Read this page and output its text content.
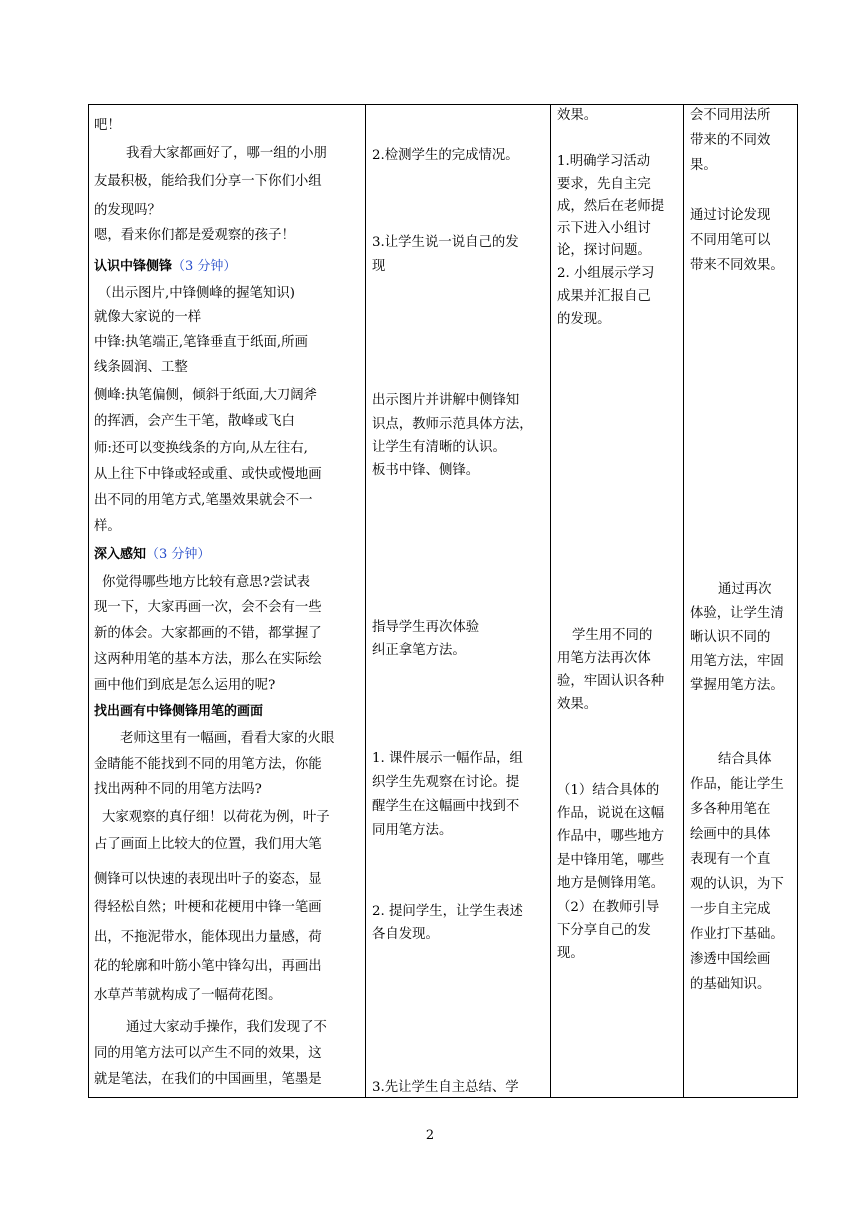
吧！
我看大家都画好了，哪一组的小朋
友最积极，能给我们分享一下你们小组
的发现吗？
嗯，看来你们都是爱观察的孩子！
认识中锋侧锋（3 分钟）
（出示图片,中锋侧峰的握笔知识)
就像大家说的一样
中锋:执笔端正,笔锋垂直于纸面,所画
线条圆润、工整
侧峰:执笔偏侧，倾斜于纸面,大刀阔斧
的挥洒，会产生干笔，散峰或飞白
师:还可以变换线条的方向,从左往右,
从上往下中锋或轻或重、或快或慢地画
出不同的用笔方式,笔墨效果就会不一
样。
深入感知（3 分钟）
你觉得哪些地方比较有意思?尝试表
现一下，大家再画一次，会不会有一些
新的体会。大家都画的不错，都掌握了
这两种用笔的基本方法，那么在实际绘
画中他们到底是怎么运用的呢?
找出画有中锋侧锋用笔的画面
老师这里有一幅画，看看大家的火眼
金睛能不能找到不同的用笔方法，你能
找出两种不同的用笔方法吗?
大家观察的真仔细！以荷花为例，叶子
占了画面上比较大的位置，我们用大笔
侧锋可以快速的表现出叶子的姿态，显
得轻松自然；叶梗和花梗用中锋一笔画
出，不拖泥带水，能体现出力量感，荷
花的轮廓和叶筋小笔中锋勾出，再画出
水草芦苇就构成了一幅荷花图。
通过大家动手操作，我们发现了不
同的用笔方法可以产生不同的效果，这
就是笔法，在我们的中国画里，笔墨是
2.检测学生的完成情况。
3.让学生说一说自己的发
现
出示图片并讲解中侧锋知
识点，教师示范具体方法，
让学生有清晰的认识。
板书中锋、侧锋。
指导学生再次体验
纠正拿笔方法。
1. 课件展示一幅作品，组
织学生先观察在讨论。提
醒学生在这幅画中找到不
同用笔方法。
2. 提问学生，让学生表述
各自发现。
3.先让学生自主总结、学
效果。
1.明确学习活动
要求，先自主完
成，然后在老师提
示下进入小组讨
论，探讨问题。
2. 小组展示学习
成果并汇报自己
的发现。
学生用不同的
用笔方法再次体
验，牢固认识各种
效果。
（1）结合具体的
作品，说说在这幅
作品中，哪些地方
是中锋用笔，哪些
地方是侧锋用笔。
（2）在教师引导
下分享自己的发
现。
会不同用法所
带来的不同效
果。
通过讨论发现
不同用笔可以
带来不同效果。
通过再次
体验，让学生清
晰认识不同的
用笔方法，牢固
掌握用笔方法。
结合具体
作品，能让学生
多各种用笔在
绘画中的具体
表现有一个直
观的认识，为下
一步自主完成
作业打下基础。
渗透中国绘画
的基础知识。
2
